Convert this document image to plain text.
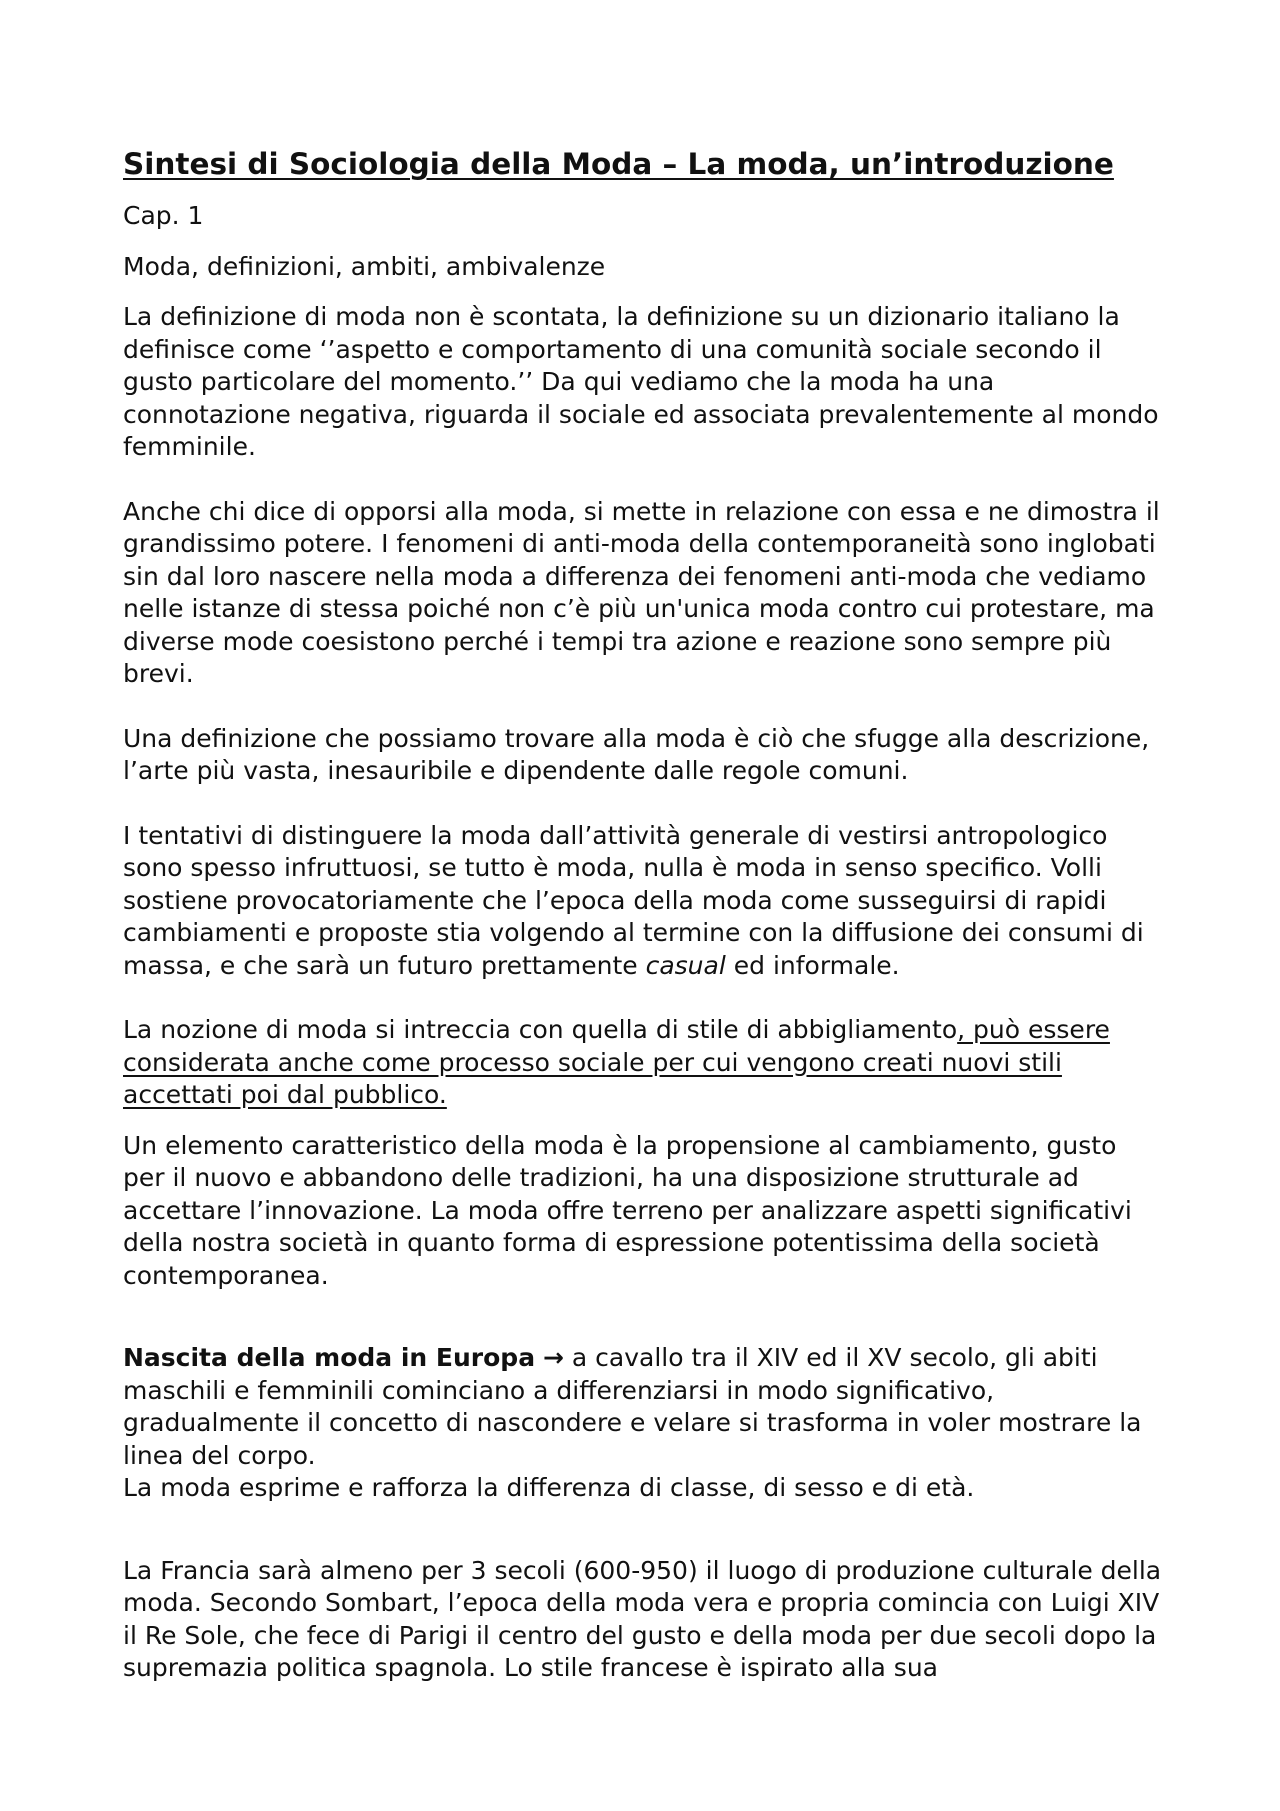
Sintesi di Sociologia della Moda – La moda, un’introduzione

Cap. 1

Moda, definizioni, ambiti, ambivalenze

La definizione di moda non è scontata, la definizione su un dizionario italiano la definisce come ‘’aspetto e comportamento di una comunità sociale secondo il gusto particolare del momento.’’ Da qui vediamo che la moda ha una connotazione negativa, riguarda il sociale ed associata prevalentemente al mondo femminile.

Anche chi dice di opporsi alla moda, si mette in relazione con essa e ne dimostra il grandissimo potere. I fenomeni di anti-moda della contemporaneità sono inglobati sin dal loro nascere nella moda a differenza dei fenomeni anti-moda che vediamo nelle istanze di stessa poiché non c’è più un'unica moda contro cui protestare, ma diverse mode coesistono perché i tempi tra azione e reazione sono sempre più brevi.

Una definizione che possiamo trovare alla moda è ciò che sfugge alla descrizione, l’arte più vasta, inesauribile e dipendente dalle regole comuni.

I tentativi di distinguere la moda dall’attività generale di vestirsi antropologico sono spesso infruttuosi, se tutto è moda, nulla è moda in senso specifico. Volli sostiene provocatoriamente che l’epoca della moda come susseguirsi di rapidi cambiamenti e proposte stia volgendo al termine con la diffusione dei consumi di massa, e che sarà un futuro prettamente casual ed informale.

La nozione di moda si intreccia con quella di stile di abbigliamento, può essere considerata anche come processo sociale per cui vengono creati nuovi stili accettati poi dal pubblico.

Un elemento caratteristico della moda è la propensione al cambiamento, gusto per il nuovo e abbandono delle tradizioni, ha una disposizione strutturale ad accettare l’innovazione. La moda offre terreno per analizzare aspetti significativi della nostra società in quanto forma di espressione potentissima della società contemporanea.

Nascita della moda in Europa → a cavallo tra il XIV ed il XV secolo, gli abiti maschili e femminili cominciano a differenziarsi in modo significativo, gradualmente il concetto di nascondere e velare si trasforma in voler mostrare la linea del corpo.
La moda esprime e rafforza la differenza di classe, di sesso e di età.

La Francia sarà almeno per 3 secoli (600-950) il luogo di produzione culturale della moda. Secondo Sombart, l’epoca della moda vera e propria comincia con Luigi XIV il Re Sole, che fece di Parigi il centro del gusto e della moda per due secoli dopo la supremazia politica spagnola. Lo stile francese è ispirato alla sua
